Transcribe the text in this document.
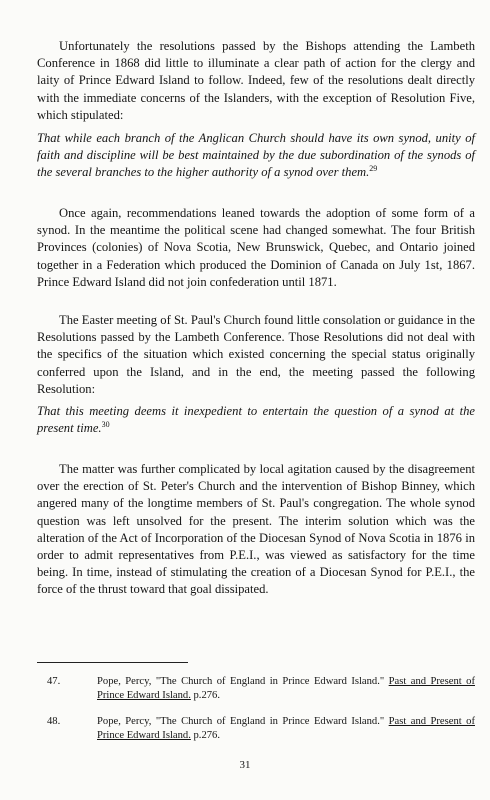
Unfortunately the resolutions passed by the Bishops attending the Lambeth Conference in 1868 did little to illuminate a clear path of action for the clergy and laity of Prince Edward Island to follow. Indeed, few of the resolutions dealt directly with the immediate concerns of the Islanders, with the exception of Resolution Five, which stipulated:

That while each branch of the Anglican Church should have its own synod, unity of faith and discipline will be best maintained by the due subordination of the synods of the several branches to the higher authority of a synod over them.$^{29}$

Once again, recommendations leaned towards the adoption of some form of a synod. In the meantime the political scene had changed somewhat. The four British Provinces (colonies) of Nova Scotia, New Brunswick, Quebec, and Ontario joined together in a Federation which produced the Dominion of Canada on July 1st, 1867. Prince Edward Island did not join confederation until 1871.

The Easter meeting of St. Paul's Church found little consolation or guidance in the Resolutions passed by the Lambeth Conference. Those Resolutions did not deal with the specifics of the situation which existed concerning the special status originally conferred upon the Island, and in the end, the meeting passed the following Resolution:

That this meeting deems it inexpedient to entertain the question of a synod at the present time.$^{30}$

The matter was further complicated by local agitation caused by the disagreement over the erection of St. Peter's Church and the intervention of Bishop Binney, which angered many of the longtime members of St. Paul's congregation. The whole synod question was left unsolved for the present. The interim solution which was the alteration of the Act of Incorporation of the Diocesan Synod of Nova Scotia in 1876 in order to admit representatives from P.E.I., was viewed as satisfactory for the time being. In time, instead of stimulating the creation of a Diocesan Synod for P.E.I., the force of the thrust toward that goal dissipated.

47.	Pope, Percy, "The Church of England in Prince Edward Island." Past and Present of Prince Edward Island. p.276.
48.	Pope, Percy, "The Church of England in Prince Edward Island." Past and Present of Prince Edward Island. p.276.
31
